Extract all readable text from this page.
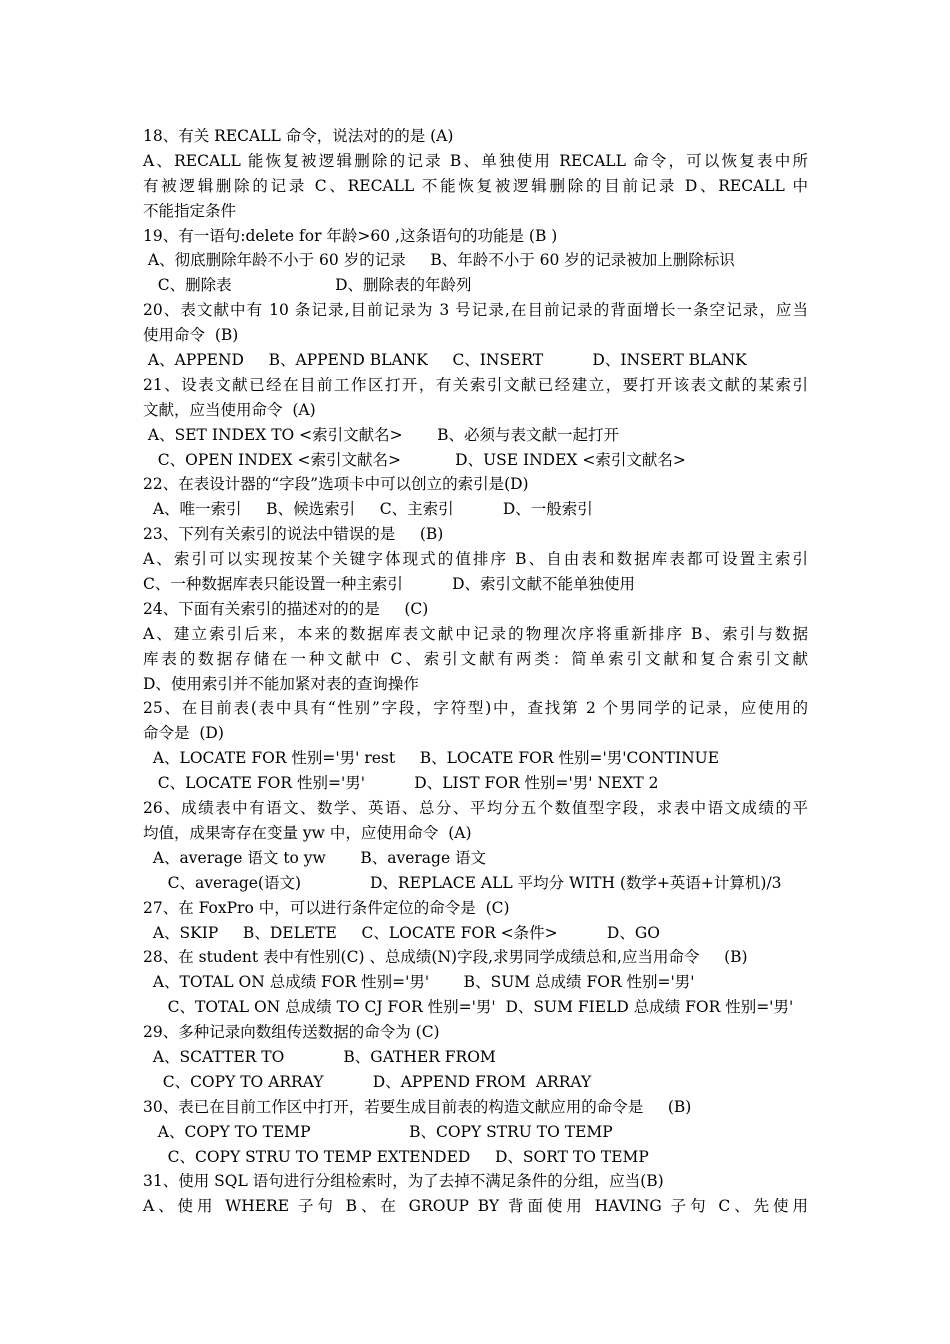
18、有关 RECALL 命令，说法对的的是 (A)
A、RECALL 能恢复被逻辑删除的记录 B、单独使用 RECALL 命令，可以恢复表中所
有被逻辑删除的记录 C、RECALL 不能恢复被逻辑删除的目前记录 D、RECALL 中
不能指定条件
19、有一语句:delete for 年龄>60 ,这条语句的功能是 (B )
A、彻底删除年龄不小于 60 岁的记录     B、年龄不小于 60 岁的记录被加上删除标识
C、删除表                     D、删除表的年龄列
20、表文献中有 10 条记录,目前记录为 3 号记录,在目前记录的背面增长一条空记录，应当
使用命令  (B)
A、APPEND     B、APPEND BLANK     C、INSERT          D、INSERT BLANK
21、设表文献已经在目前工作区打开，有关索引文献已经建立，要打开该表文献的某索引
文献，应当使用命令  (A)
A、SET INDEX TO <索引文献名>       B、必须与表文献一起打开
C、OPEN INDEX <索引文献名>           D、USE INDEX <索引文献名>
22、在表设计器的“字段”选项卡中可以创立的索引是(D)
A、唯一索引     B、候选索引     C、主索引          D、一般索引
23、下列有关索引的说法中错误的是     (B)
A、索引可以实现按某个关键字体现式的值排序 B、自由表和数据库表都可设置主索引
C、一种数据库表只能设置一种主索引          D、索引文献不能单独使用
24、下面有关索引的描述对的的是     (C)
A、建立索引后来，本来的数据库表文献中记录的物理次序将重新排序 B、索引与数据
库表的数据存储在一种文献中 C、索引文献有两类：简单索引文献和复合索引文献
D、使用索引并不能加紧对表的查询操作
25、在目前表(表中具有“性别”字段，字符型)中，查找第 2 个男同学的记录，应使用的
命令是  (D)
A、LOCATE FOR 性别='男' rest     B、LOCATE FOR 性别='男'CONTINUE
C、LOCATE FOR 性别='男'          D、LIST FOR 性别='男' NEXT 2
26、成绩表中有语文、数学、英语、总分、平均分五个数值型字段，求表中语文成绩的平
均值，成果寄存在变量 yw 中，应使用命令  (A)
A、average 语文 to yw       B、average 语文
C、average(语文)              D、REPLACE ALL 平均分 WITH (数学+英语+计算机)/3
27、在 FoxPro 中，可以进行条件定位的命令是  (C)
A、SKIP     B、DELETE     C、LOCATE FOR <条件>          D、GO
28、在 student 表中有性别(C) 、总成绩(N)字段,求男同学成绩总和,应当用命令     (B)
A、TOTAL ON 总成绩 FOR 性别='男'       B、SUM 总成绩 FOR 性别='男'
C、TOTAL ON 总成绩 TO CJ FOR 性别='男'  D、SUM FIELD 总成绩 FOR 性别='男'
29、多种记录向数组传送数据的命令为 (C)
A、SCATTER TO            B、GATHER FROM
C、COPY TO ARRAY          D、APPEND FROM  ARRAY
30、表已在目前工作区中打开，若要生成目前表的构造文献应用的命令是     (B)
A、COPY TO TEMP                    B、COPY STRU TO TEMP
C、COPY STRU TO TEMP EXTENDED     D、SORT TO TEMP
31、使用 SQL 语句进行分组检索时，为了去掉不满足条件的分组，应当(B)
A、使用 WHERE 子句 B、在 GROUP BY 背面使用 HAVING 子句 C、先使用
